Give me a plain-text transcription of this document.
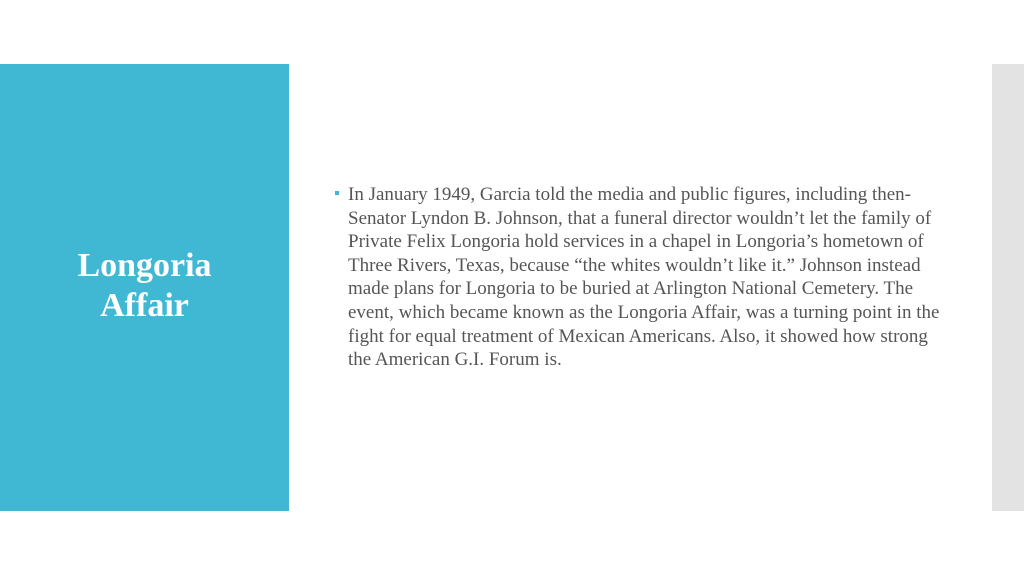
Longoria
Affair
In January 1949, Garcia told the media and public figures, including then-Senator Lyndon B. Johnson, that a funeral director wouldn’t let the family of Private Felix Longoria hold services in a chapel in Longoria’s hometown of Three Rivers, Texas, because “the whites wouldn’t like it.” Johnson instead made plans for Longoria to be buried at Arlington National Cemetery. The event, which became known as the Longoria Affair, was a turning point in the fight for equal treatment of Mexican Americans. Also, it showed how strong the American G.I. Forum is.
